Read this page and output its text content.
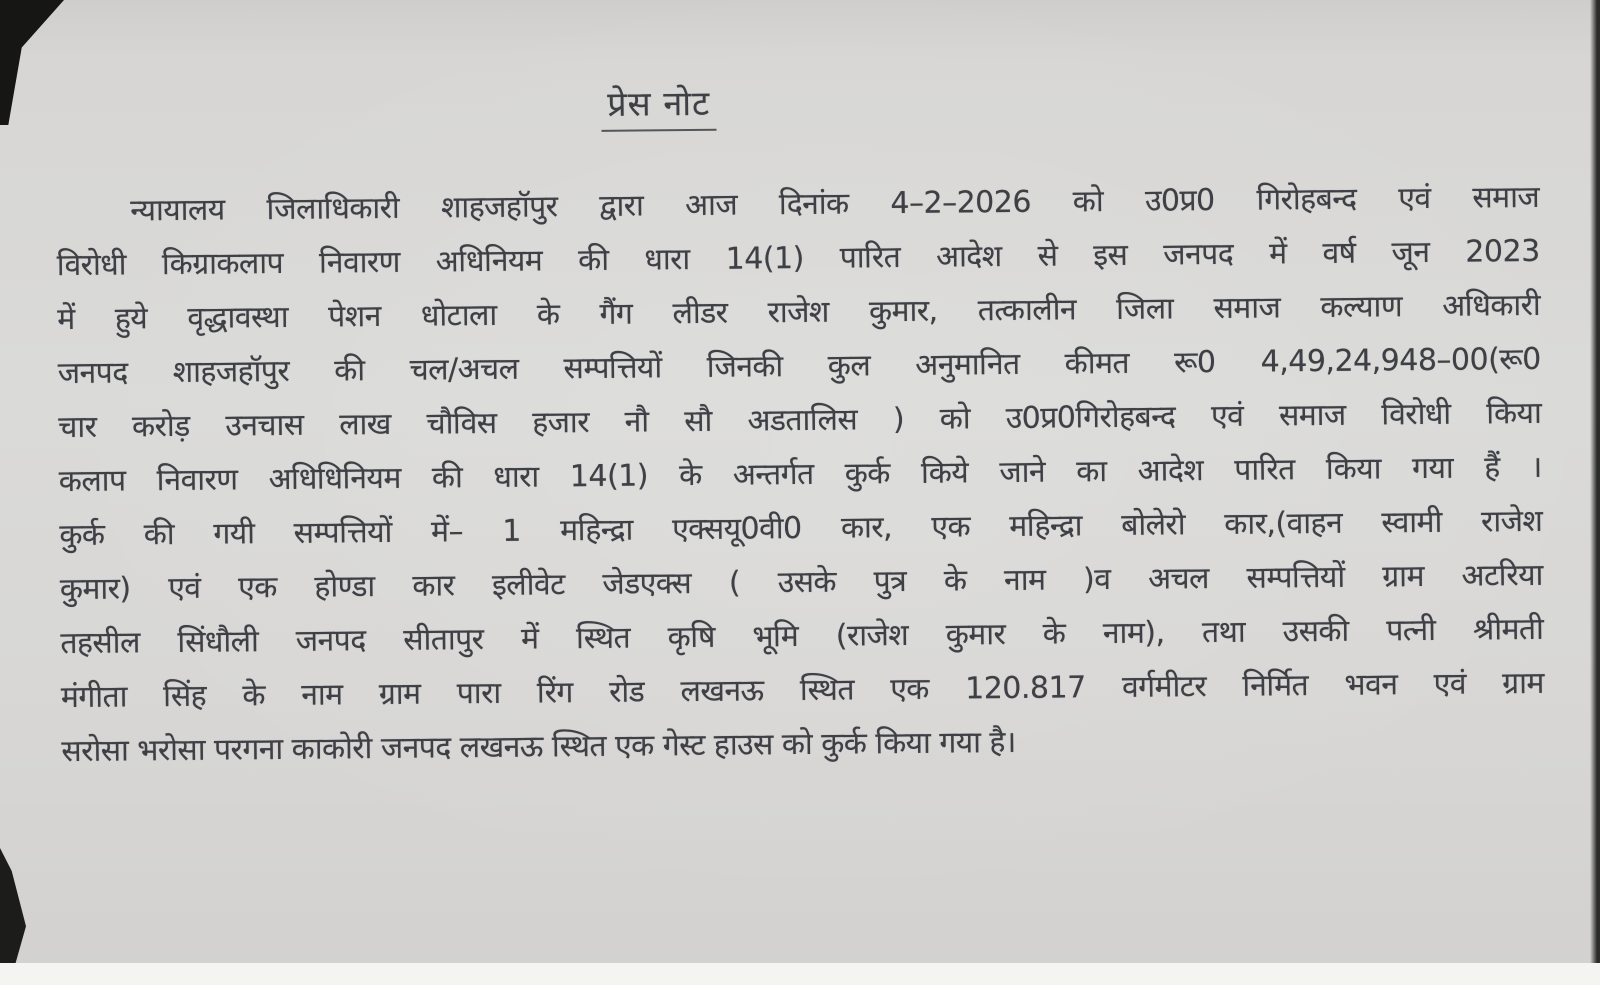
प्रेस नोट
न्यायालय जिलाधिकारी शाहजहॉपुर द्वारा आज दिनांक 4–2–2026 को उ0प्र0 गिरोहबन्द एवं समाज
विरोधी किग्राकलाप निवारण अधिनियम की धारा 14(1) पारित आदेश से इस जनपद में वर्ष जून 2023
में हुये वृद्धावस्था पेशन धोटाला के गैंग लीडर राजेश कुमार, तत्कालीन जिला समाज कल्याण अधिकारी
जनपद शाहजहॉपुर की चल/अचल सम्पत्तियों जिनकी कुल अनुमानित कीमत रू0 4,49,24,948–00(रू0
चार करोड़ उनचास लाख चौविस हजार नौ सौ अडतालिस ) को उ0प्र0गिरोहबन्द एवं समाज विरोधी किया
कलाप निवारण अधिधिनियम की धारा 14(1) के अन्तर्गत कुर्क किये जाने का आदेश पारित किया गया हैं ।
कुर्क की गयी सम्पत्तियों में– 1 महिन्द्रा एक्सयू0वी0 कार, एक महिन्द्रा बोलेरो कार,(वाहन स्वामी राजेश
कुमार) एवं एक होण्डा कार इलीवेट जेडएक्स ( उसके पुत्र के नाम )व अचल सम्पत्तियों ग्राम अटरिया
तहसील सिंधौली जनपद सीतापुर में स्थित कृषि भूमि (राजेश कुमार के नाम), तथा उसकी पत्नी श्रीमती
मंगीता सिंह के नाम ग्राम पारा रिंग रोड लखनऊ स्थित एक 120.817 वर्गमीटर निर्मित भवन एवं ग्राम
सरोसा भरोसा परगना काकोरी जनपद लखनऊ स्थित एक गेस्ट हाउस को कुर्क किया गया है।
